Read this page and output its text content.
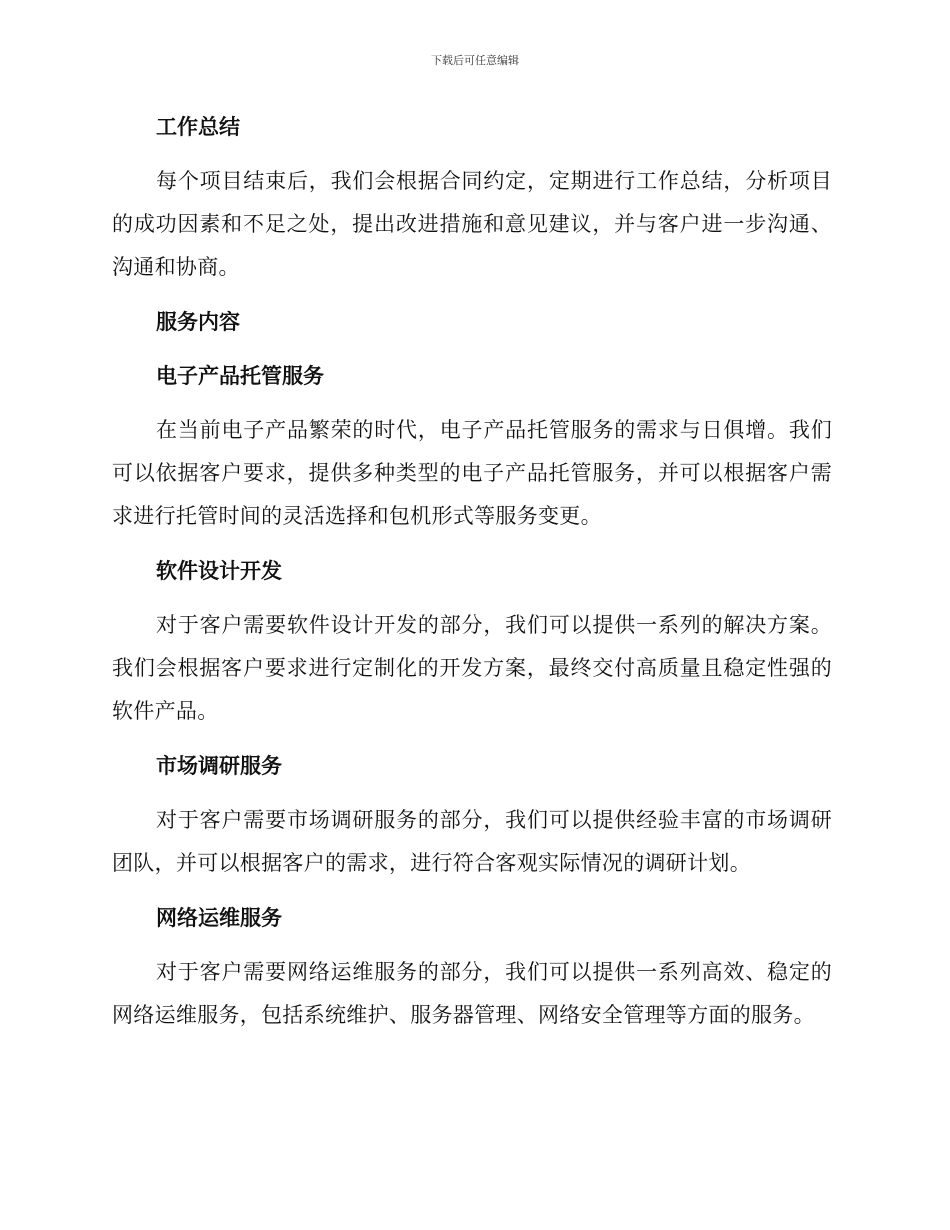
下载后可任意编辑
工作总结

每个项目结束后，我们会根据合同约定，定期进行工作总结，分析项目的成功因素和不足之处，提出改进措施和意见建议，并与客户进一步沟通、沟通和协商。

服务内容
电子产品托管服务

在当前电子产品繁荣的时代，电子产品托管服务的需求与日俱增。我们可以依据客户要求，提供多种类型的电子产品托管服务，并可以根据客户需求进行托管时间的灵活选择和包机形式等服务变更。

软件设计开发

对于客户需要软件设计开发的部分，我们可以提供一系列的解决方案。我们会根据客户要求进行定制化的开发方案，最终交付高质量且稳定性强的软件产品。

市场调研服务

对于客户需要市场调研服务的部分，我们可以提供经验丰富的市场调研团队，并可以根据客户的需求，进行符合客观实际情况的调研计划。

网络运维服务

对于客户需要网络运维服务的部分，我们可以提供一系列高效、稳定的网络运维服务，包括系统维护、服务器管理、网络安全管理等方面的服务。
